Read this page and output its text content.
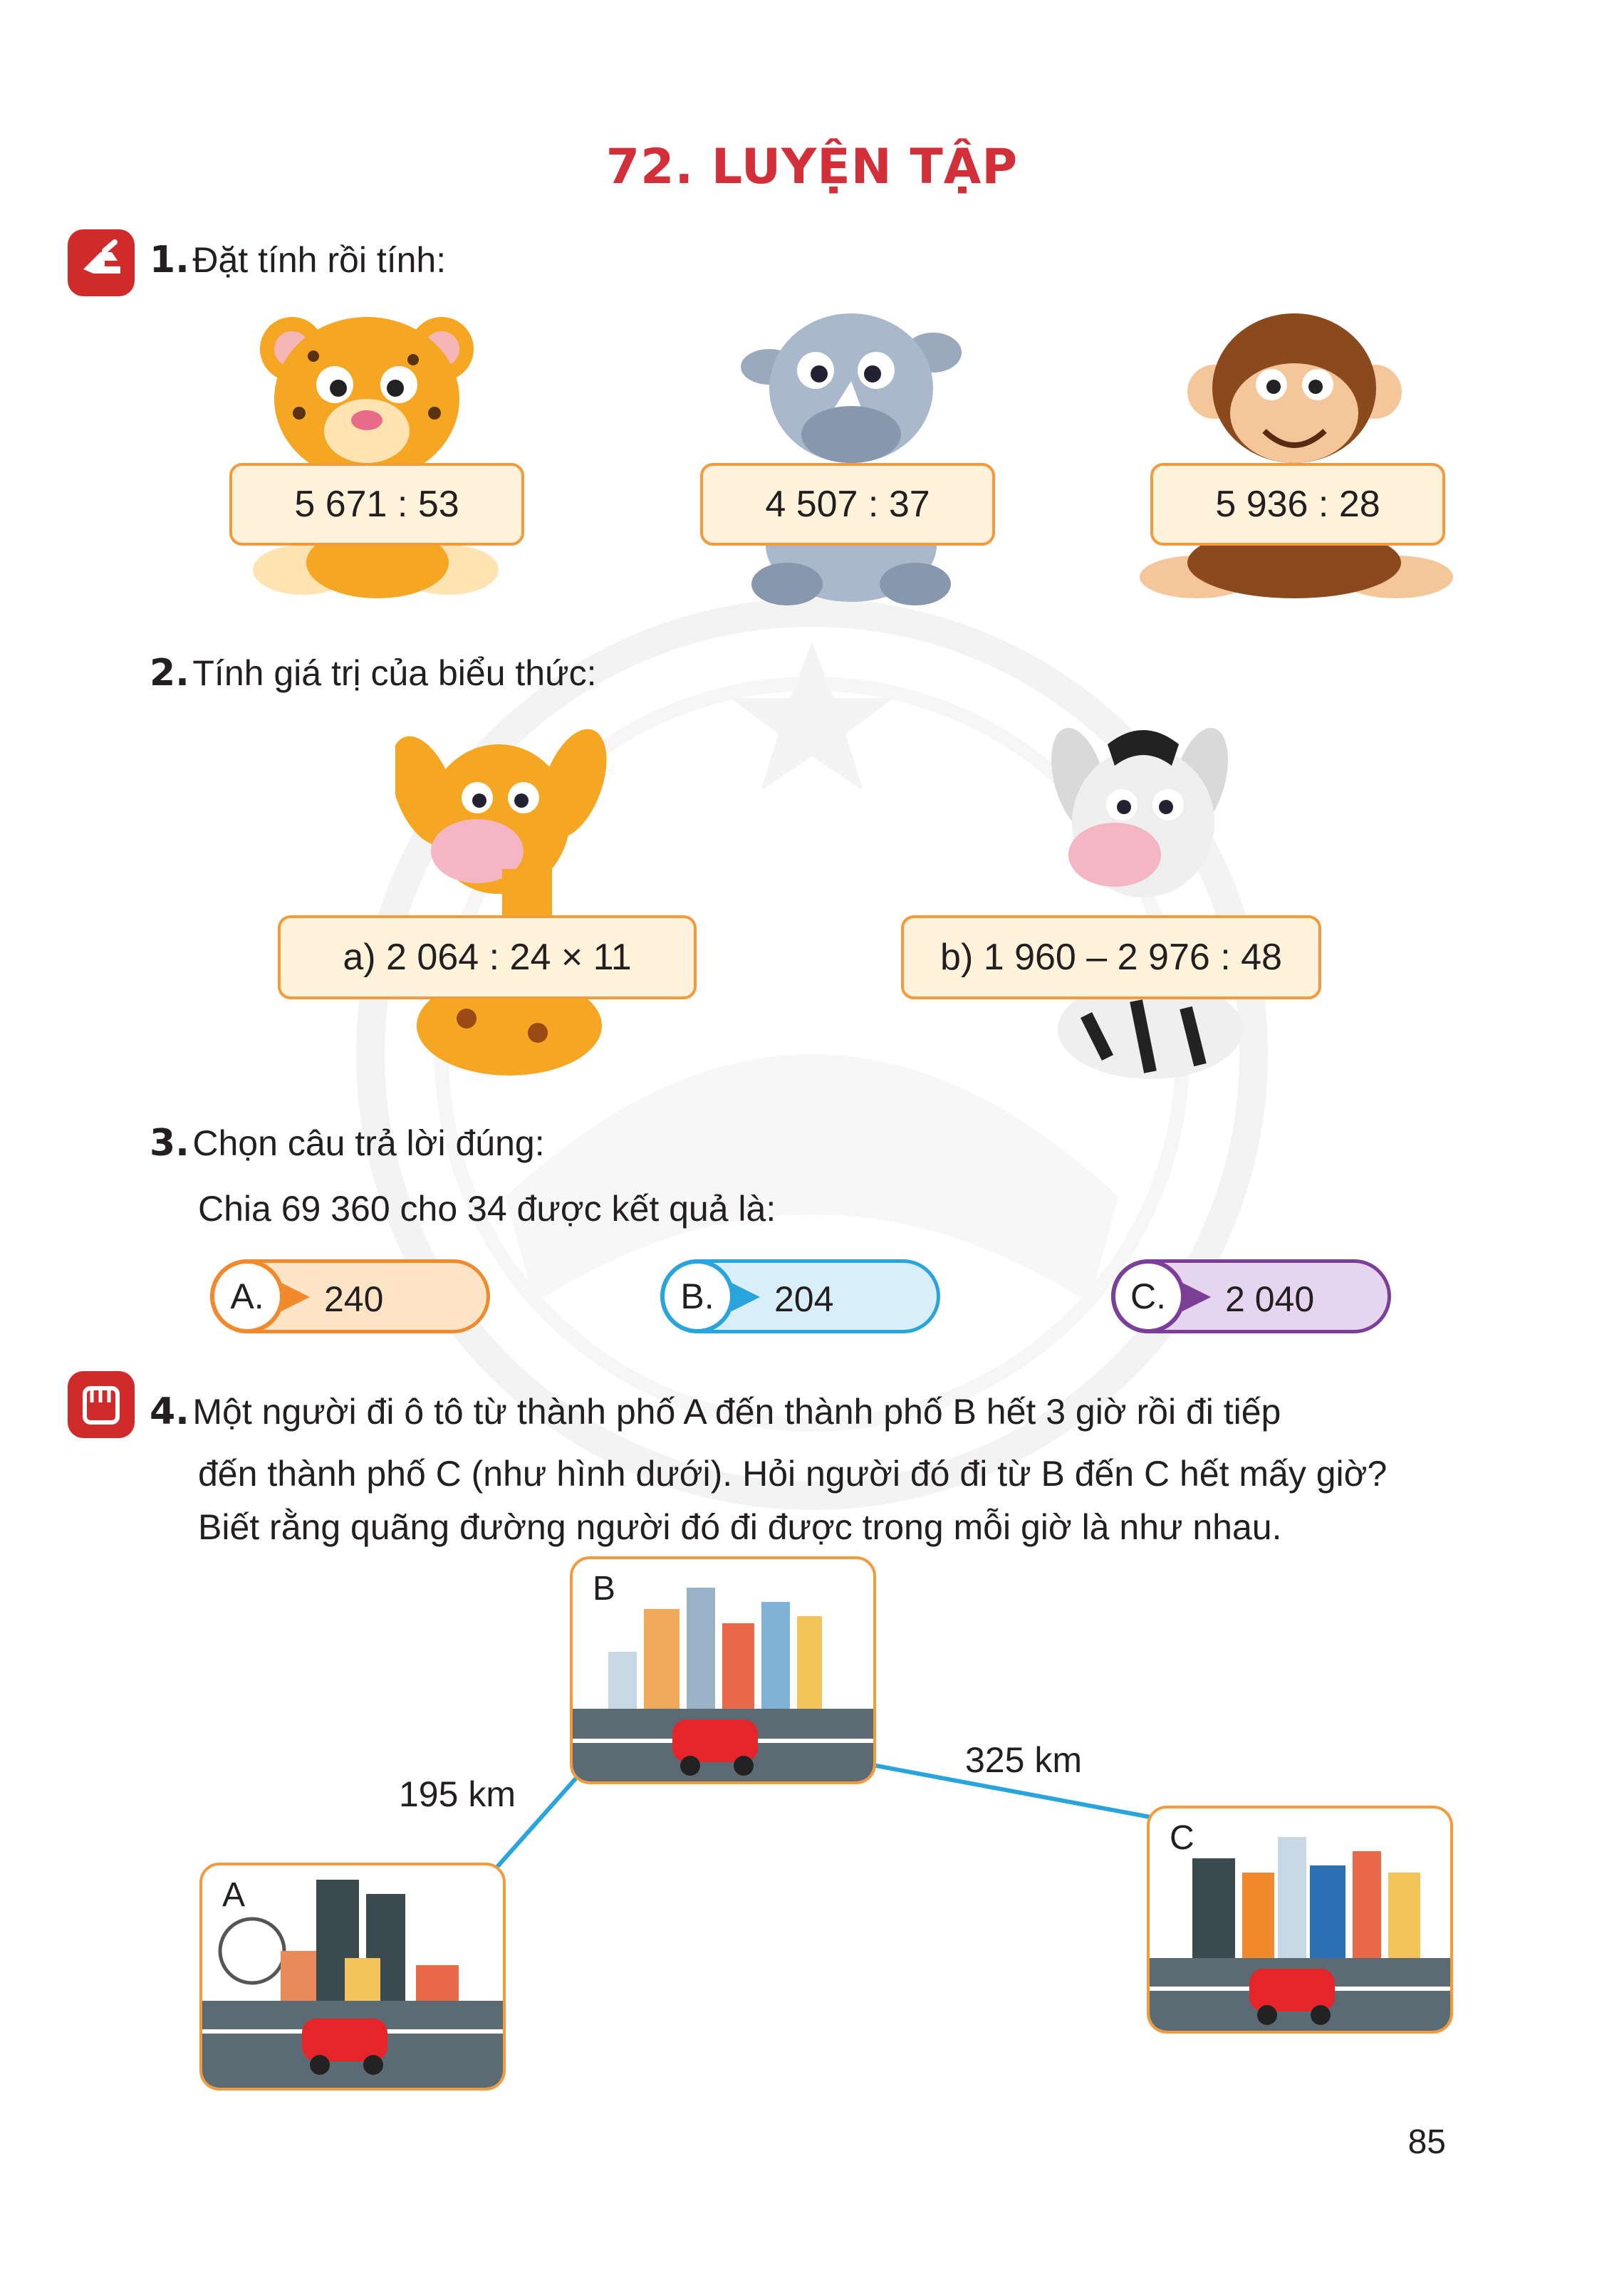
72. LUYỆN TẬP
1. Đặt tính rồi tính:
5 671 : 53	4 507 : 37	5 936 : 28
2. Tính giá trị của biểu thức:
a) 2 064 : 24 × 11	b) 1 960 – 2 976 : 48
3. Chọn câu trả lời đúng:
Chia 69 360 cho 34 được kết quả là:
A.	240	B.	204	C.	2 040
4. Một người đi ô tô từ thành phố A đến thành phố B hết 3 giờ rồi đi tiếp
đến thành phố C (như hình dưới). Hỏi người đó đi từ B đến C hết mấy giờ?
Biết rằng quãng đường người đó đi được trong mỗi giờ là như nhau.
195 km
325 km
B
A
C
85
